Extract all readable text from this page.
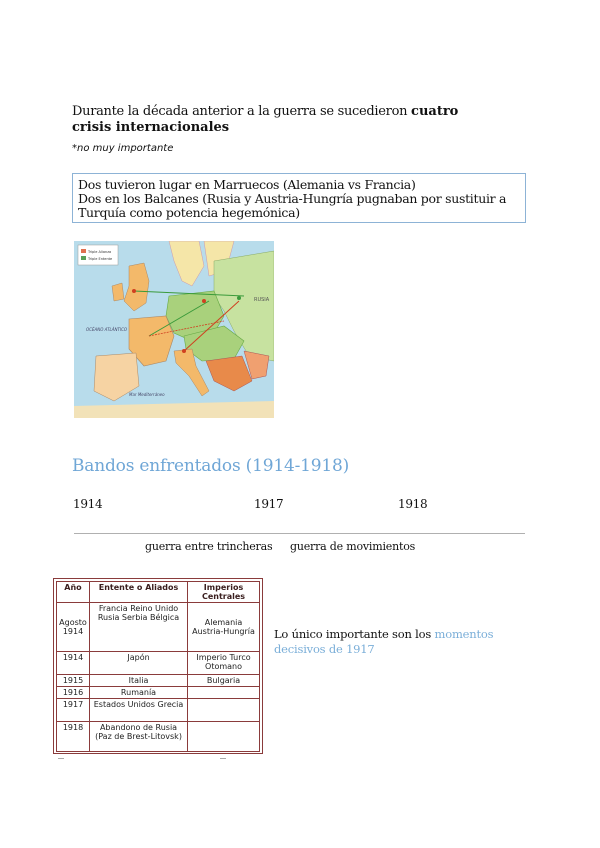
Durante la década anterior a la guerra se sucedieron cuatro crisis internacionales
*no muy importante
Dos tuvieron lugar en Marruecos (Alemania vs Francia)
Dos en los Balcanes (Rusia y Austria-Hungría pugnaban por sustituir a Turquía como potencia hegemónica)
Triple Alianza
Triple Entente
RUSIA
OCÉANO ATLÁNTICO
Mar Mediterráneo
Bandos enfrentados (1914-1918)
1914	1917	1918
guerra entre trincheras guerra de movimientos
Año	Entente o Aliados	Imperios Centrales
Agosto 1914	Francia Reino Unido Rusia Serbia Bélgica	Alemania Austria-Hungría
1914	Japón	Imperio Turco Otomano
1915	Italia	Bulgaria
1916	Rumanía	
1917	Estados Unidos Grecia	
1918	Abandono de Rusia (Paz de Brest-Litovsk)	
Lo único importante son los momentos decisivos de 1917
